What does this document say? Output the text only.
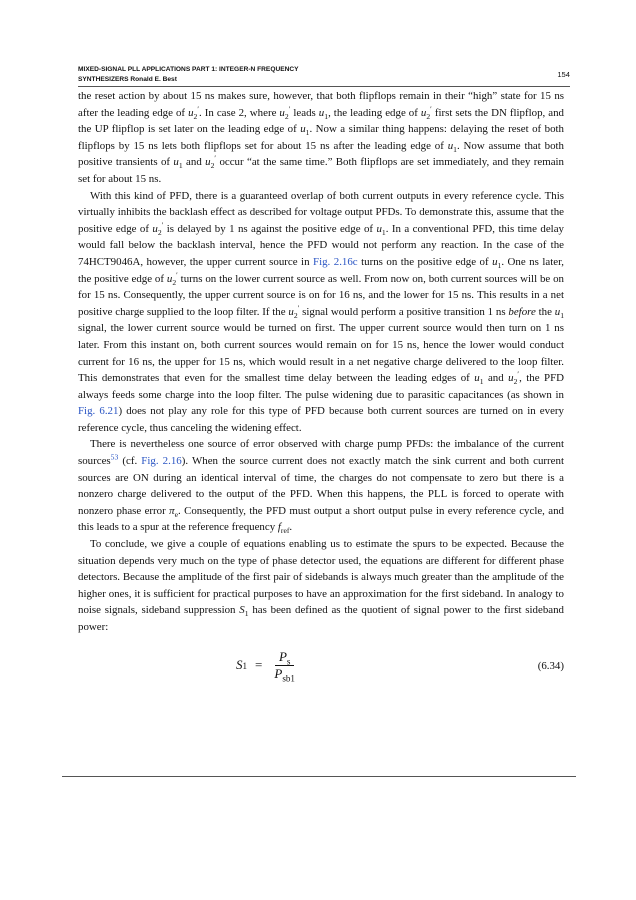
MIXED-SIGNAL PLL APPLICATIONS PART 1: INTEGER-N FREQUENCY
SYNTHESIZERS Ronald E. Best
154

the reset action by about 15 ns makes sure, however, that both flipflops remain in their “high” state for 15 ns after the leading edge of $u_2'$. In case 2, where $u_2'$ leads $u_1$, the leading edge of $u_2'$ first sets the DN flipflop, and the UP flipflop is set later on the leading edge of $u_1$. Now a similar thing happens: delaying the reset of both flipflops by 15 ns lets both flipflops set for about 15 ns after the leading edge of $u_1$. Now assume that both positive transients of $u_1$ and $u_2'$ occur “at the same time.” Both flipflops are set immediately, and they remain set for about 15 ns.

With this kind of PFD, there is a guaranteed overlap of both current outputs in every reference cycle. This virtually inhibits the backlash effect as described for voltage output PFDs. To demonstrate this, assume that the positive edge of $u_2'$ is delayed by 1 ns against the positive edge of $u_1$. In a conventional PFD, this time delay would fall below the backlash interval, hence the PFD would not perform any reaction. In the case of the 74HCT9046A, however, the upper current source in Fig. 2.16c turns on the positive edge of $u_1$. One ns later, the positive edge of $u_2'$ turns on the lower current source as well. From now on, both current sources will be on for 15 ns. Consequently, the upper current source is on for 16 ns, and the lower for 15 ns. This results in a net positive charge supplied to the loop filter. If the $u_2'$ signal would perform a positive transition 1 ns before the $u_1$ signal, the lower current source would be turned on first. The upper current source would then turn on 1 ns later. From this instant on, both current sources would remain on for 15 ns, hence the lower would conduct current for 16 ns, the upper for 15 ns, which would result in a net negative charge delivered to the loop filter. This demonstrates that even for the smallest time delay between the leading edges of $u_1$ and $u_2'$, the PFD always feeds some charge into the loop filter. The pulse widening due to parasitic capacitances (as shown in Fig. 6.21) does not play any role for this type of PFD because both current sources are turned on in every reference cycle, thus canceling the widening effect.

There is nevertheless one source of error observed with charge pump PFDs: the imbalance of the current sources$^{53}$ (cf. Fig. 2.16). When the source current does not exactly match the sink current and both current sources are ON during an identical interval of time, the charges do not compensate to zero but there is a nonzero charge delivered to the output of the PFD. When this happens, the PLL is forced to operate with nonzero phase error $\pi_e$. Consequently, the PFD must output a short output pulse in every reference cycle, and this leads to a spur at the reference frequency $f_{ref}$.

To conclude, we give a couple of equations enabling us to estimate the spurs to be expected. Because the situation depends very much on the type of phase detector used, the equations are different for different phase detectors. Because the amplitude of the first pair of sidebands is always much greater than the amplitude of the higher ones, it is sufficient for practical purposes to have an approximation for the first sideband. In analogy to noise signals, sideband suppression $S_1$ has been defined as the quotient of signal power to the first sideband power:

S $1 = \frac{P_s}{P_{sb1}}$	(6.34)
